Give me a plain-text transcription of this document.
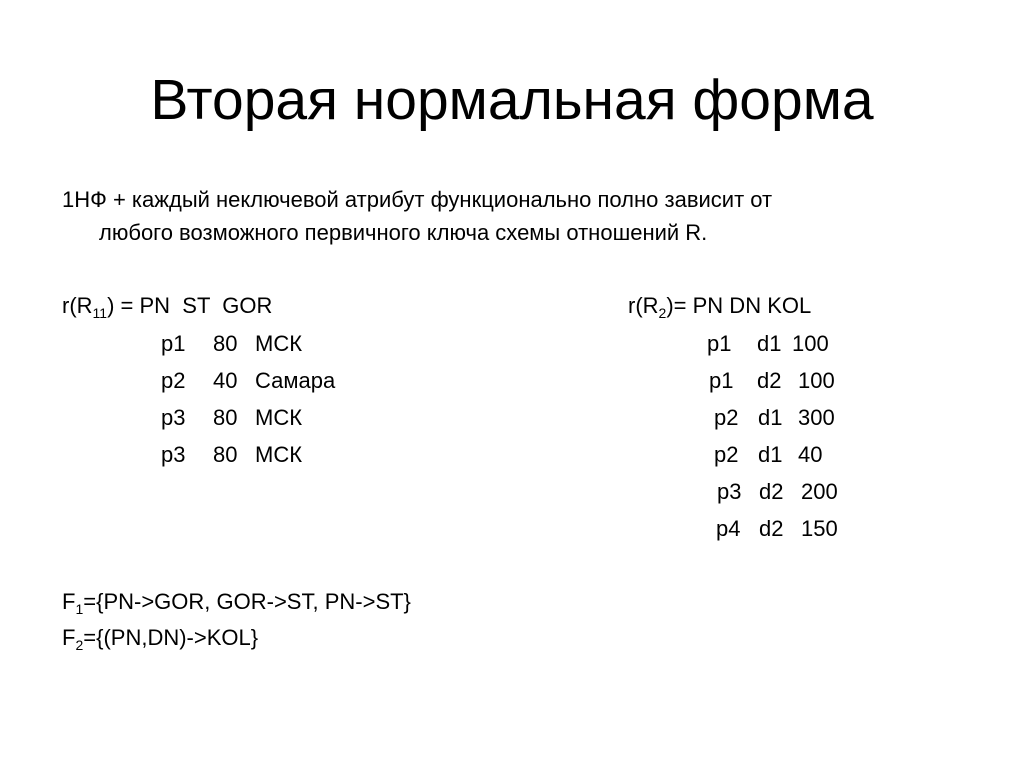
Вторая нормальная форма
1НФ + каждый неключевой атрибут функционально полно зависит от
любого возможного первичного ключа схемы отношений R.
$r(R_{11})$ = PN  ST  GOR
p1 80 МСК
p2 40 Самара
p3 80 МСК
p3 80 МСК
$r(R_2)=$ PN DN KOL
p1 d1 100
p1 d2 100
p2 d1 300
p2 d1 40
p3 d2 200
p4 d2 150
$F_1=\{PN->GOR$, GOR->ST, PN->ST}
$F_2=\{(PN,DN)->KOL\}$
